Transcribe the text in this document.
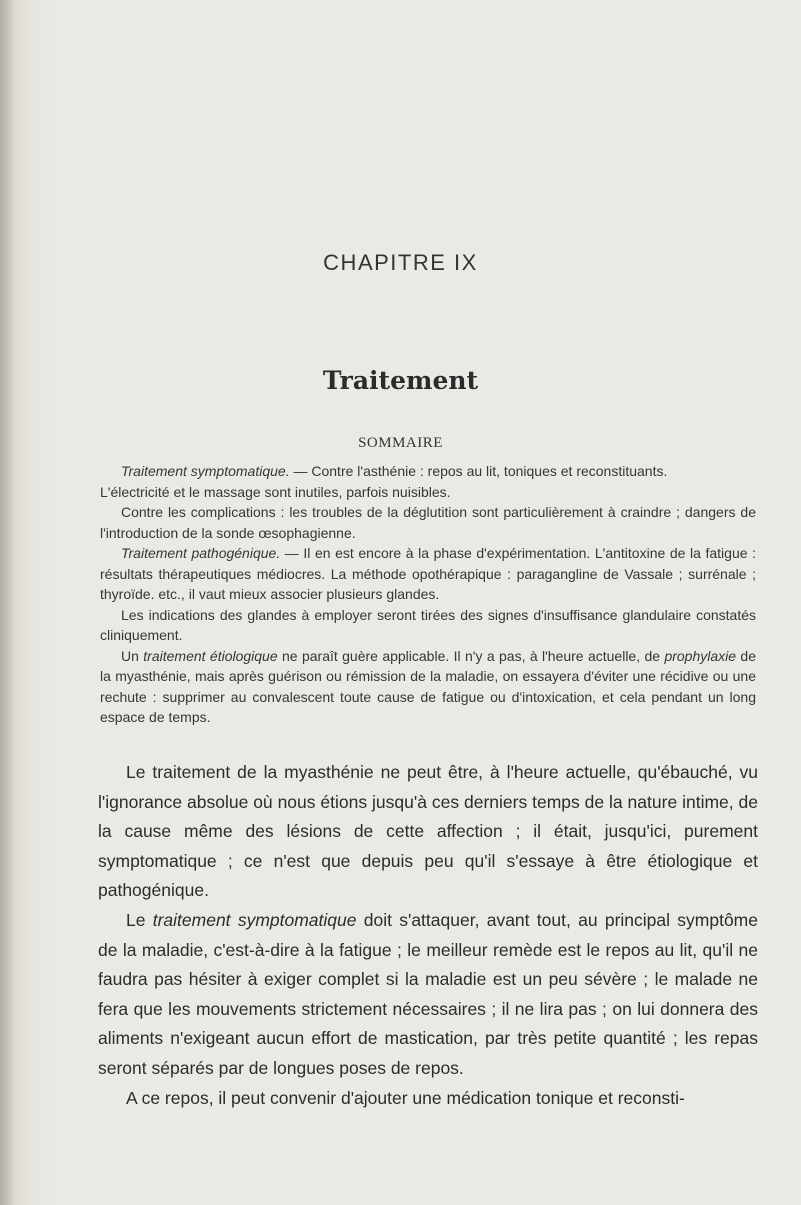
CHAPITRE IX
Traitement
SOMMAIRE

Traitement symptomatique. — Contre l'asthénie : repos au lit, toniques et reconstituants.

L'électricité et le massage sont inutiles, parfois nuisibles.

Contre les complications : les troubles de la déglutition sont particulièrement à craindre ; dangers de l'introduction de la sonde œsophagienne.

Traitement pathogénique. — Il en est encore à la phase d'expérimentation. L'antitoxine de la fatigue : résultats thérapeutiques médiocres. La méthode opothérapique : paragangline de Vassale ; surrénale ; thyroïde. etc., il vaut mieux associer plusieurs glandes.

Les indications des glandes à employer seront tirées des signes d'insuffisance glandulaire constatés cliniquement.

Un traitement étiologique ne paraît guère applicable. Il n'y a pas, à l'heure actuelle, de prophylaxie de la myasthénie, mais après guérison ou rémission de la maladie, on essayera d'éviter une récidive ou une rechute : supprimer au convalescent toute cause de fatigue ou d'intoxication, et cela pendant un long espace de temps.

Le traitement de la myasthénie ne peut être, à l'heure actuelle, qu'ébauché, vu l'ignorance absolue où nous étions jusqu'à ces derniers temps de la nature intime, de la cause même des lésions de cette affection ; il était, jusqu'ici, purement symptomatique ; ce n'est que depuis peu qu'il s'essaye à être étiologique et pathogénique.

Le traitement symptomatique doit s'attaquer, avant tout, au principal symptôme de la maladie, c'est-à-dire à la fatigue ; le meilleur remède est le repos au lit, qu'il ne faudra pas hésiter à exiger complet si la maladie est un peu sévère ; le malade ne fera que les mouvements strictement nécessaires ; il ne lira pas ; on lui donnera des aliments n'exigeant aucun effort de mastication, par très petite quantité ; les repas seront séparés par de longues poses de repos.

A ce repos, il peut convenir d'ajouter une médication tonique et reconsti-
